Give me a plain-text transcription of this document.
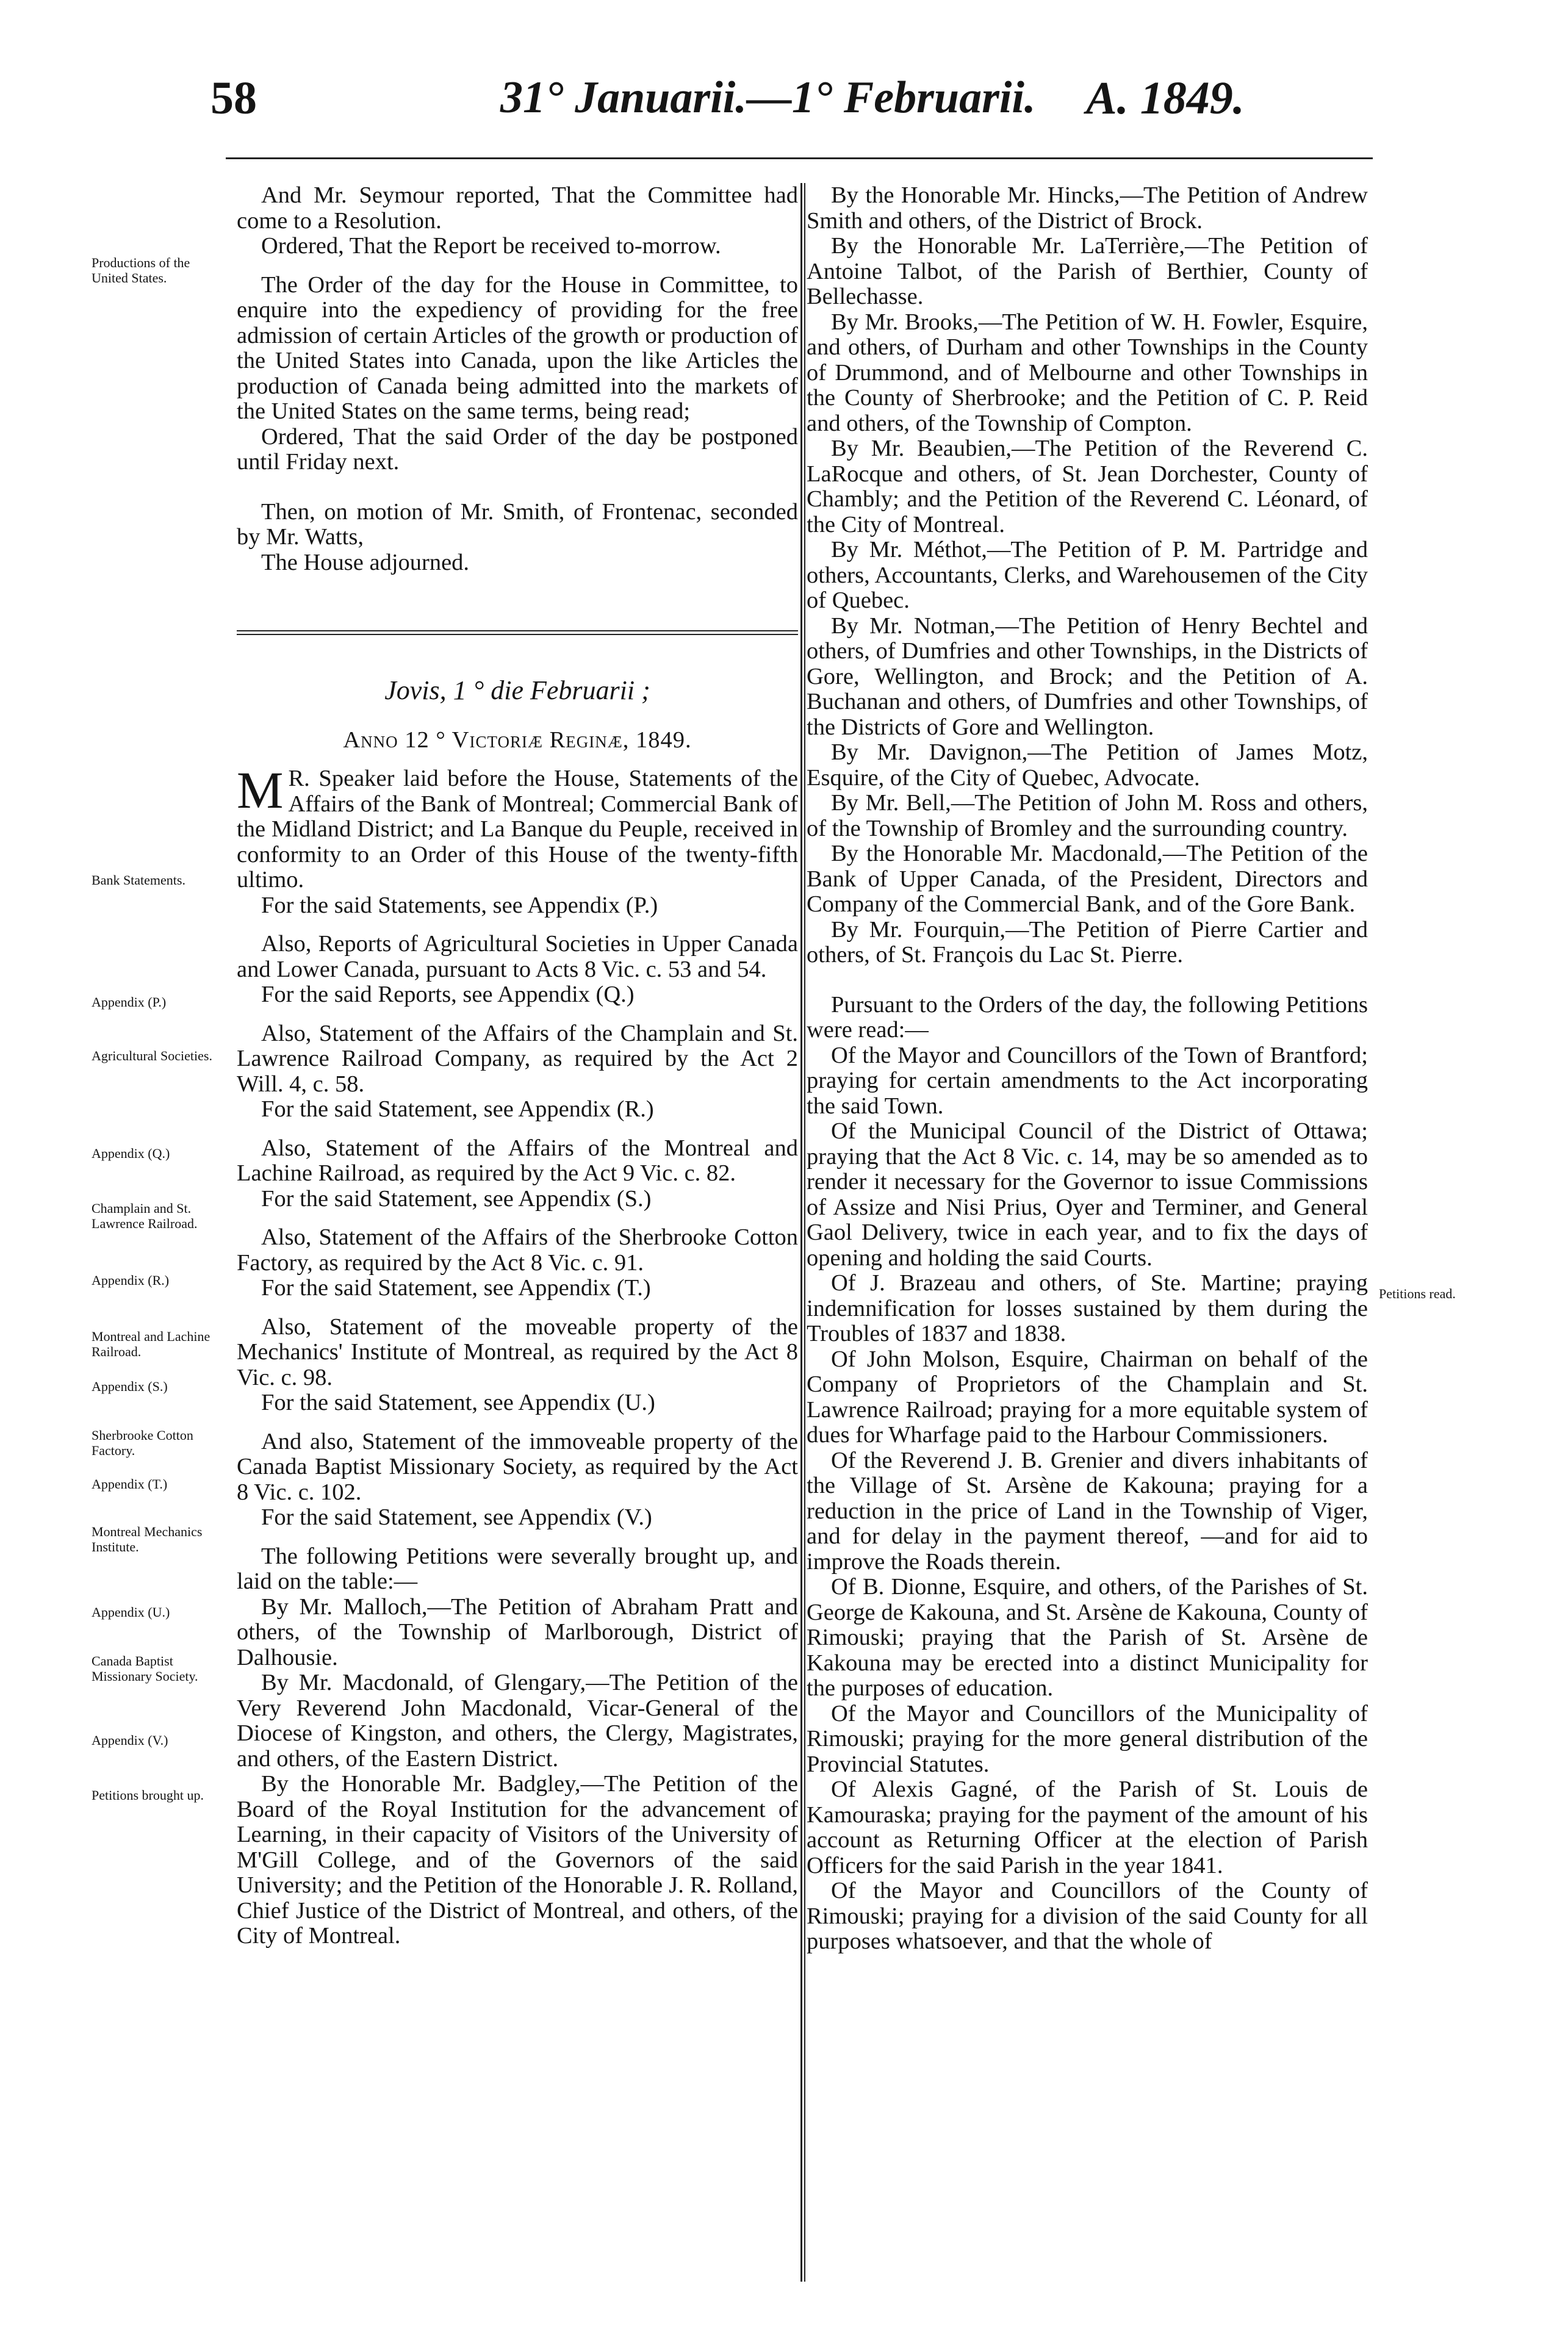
58	31° Januarii.—1° Februarii. A. 1849.
Productions of the United States.
Bank Statements.
Appendix (P.)
Agricultural Societies.
Appendix (Q.)
Champlain and St. Lawrence Railroad.
Appendix (R.)
Montreal and Lachine Railroad.
Appendix (S.)
Sherbrooke Cotton Factory.
Appendix (T.)
Montreal Mechanics Institute.
Appendix (U.)
Canada Baptist Missionary Society.
Appendix (V.)
Petitions brought up.
Petitions read.

And Mr. Seymour reported, That the Committee had come to a Resolution.

Ordered, That the Report be received to-morrow.

The Order of the day for the House in Committee, to enquire into the expediency of providing for the free admission of certain Articles of the growth or production of the United States into Canada, upon the like Articles the production of Canada being admitted into the markets of the United States on the same terms, being read;

Ordered, That the said Order of the day be postponed until Friday next.

Then, on motion of Mr. Smith, of Frontenac, seconded by Mr. Watts,

The House adjourned.

Jovis, 1 ° die Februarii ;

Anno 12 ° Victoriæ Reginæ, 1849.

M R. Speaker laid before the House, Statements of the Affairs of the Bank of Montreal; Commercial Bank of the Midland District; and La Banque du Peuple, received in conformity to an Order of this House of the twenty-fifth ultimo.

For the said Statements, see Appendix (P.)

Also, Reports of Agricultural Societies in Upper Canada and Lower Canada, pursuant to Acts 8 Vic. c. 53 and 54.

For the said Reports, see Appendix (Q.)

Also, Statement of the Affairs of the Champlain and St. Lawrence Railroad Company, as required by the Act 2 Will. 4, c. 58.

For the said Statement, see Appendix (R.)

Also, Statement of the Affairs of the Montreal and Lachine Railroad, as required by the Act 9 Vic. c. 82.

For the said Statement, see Appendix (S.)

Also, Statement of the Affairs of the Sherbrooke Cotton Factory, as required by the Act 8 Vic. c. 91.

For the said Statement, see Appendix (T.)

Also, Statement of the moveable property of the Mechanics' Institute of Montreal, as required by the Act 8 Vic. c. 98.

For the said Statement, see Appendix (U.)

And also, Statement of the immoveable property of the Canada Baptist Missionary Society, as required by the Act 8 Vic. c. 102.

For the said Statement, see Appendix (V.)

The following Petitions were severally brought up, and laid on the table:—

By Mr. Malloch,—The Petition of Abraham Pratt and others, of the Township of Marlborough, District of Dalhousie.

By Mr. Macdonald, of Glengary,—The Petition of the Very Reverend John Macdonald, Vicar-General of the Diocese of Kingston, and others, the Clergy, Magistrates, and others, of the Eastern District.

By the Honorable Mr. Badgley,—The Petition of the Board of the Royal Institution for the advancement of Learning, in their capacity of Visitors of the University of M'Gill College, and of the Governors of the said University; and the Petition of the Honorable J. R. Rolland, Chief Justice of the District of Montreal, and others, of the City of Montreal.

By the Honorable Mr. Hincks,—The Petition of Andrew Smith and others, of the District of Brock.

By the Honorable Mr. LaTerrière,—The Petition of Antoine Talbot, of the Parish of Berthier, County of Bellechasse.

By Mr. Brooks,—The Petition of W. H. Fowler, Esquire, and others, of Durham and other Townships in the County of Drummond, and of Melbourne and other Townships in the County of Sherbrooke; and the Petition of C. P. Reid and others, of the Township of Compton.

By Mr. Beaubien,—The Petition of the Reverend C. LaRocque and others, of St. Jean Dorchester, County of Chambly; and the Petition of the Reverend C. Léonard, of the City of Montreal.

By Mr. Méthot,—The Petition of P. M. Partridge and others, Accountants, Clerks, and Warehousemen of the City of Quebec.

By Mr. Notman,—The Petition of Henry Bechtel and others, of Dumfries and other Townships, in the Districts of Gore, Wellington, and Brock; and the Petition of A. Buchanan and others, of Dumfries and other Townships, of the Districts of Gore and Wellington.

By Mr. Davignon,—The Petition of James Motz, Esquire, of the City of Quebec, Advocate.

By Mr. Bell,—The Petition of John M. Ross and others, of the Township of Bromley and the surrounding country.

By the Honorable Mr. Macdonald,—The Petition of the Bank of Upper Canada, of the President, Directors and Company of the Commercial Bank, and of the Gore Bank.

By Mr. Fourquin,—The Petition of Pierre Cartier and others, of St. François du Lac St. Pierre.

Pursuant to the Orders of the day, the following Petitions were read:—

Of the Mayor and Councillors of the Town of Brantford; praying for certain amendments to the Act incorporating the said Town.

Of the Municipal Council of the District of Ottawa; praying that the Act 8 Vic. c. 14, may be so amended as to render it necessary for the Governor to issue Commissions of Assize and Nisi Prius, Oyer and Terminer, and General Gaol Delivery, twice in each year, and to fix the days of opening and holding the said Courts.

Of J. Brazeau and others, of Ste. Martine; praying indemnification for losses sustained by them during the Troubles of 1837 and 1838.

Of John Molson, Esquire, Chairman on behalf of the Company of Proprietors of the Champlain and St. Lawrence Railroad; praying for a more equitable system of dues for Wharfage paid to the Harbour Commissioners.

Of the Reverend J. B. Grenier and divers inhabitants of the Village of St. Arsène de Kakouna; praying for a reduction in the price of Land in the Township of Viger, and for delay in the payment thereof, —and for aid to improve the Roads therein.

Of B. Dionne, Esquire, and others, of the Parishes of St. George de Kakouna, and St. Arsène de Kakouna, County of Rimouski; praying that the Parish of St. Arsène de Kakouna may be erected into a distinct Municipality for the purposes of education.

Of the Mayor and Councillors of the Municipality of Rimouski; praying for the more general distribution of the Provincial Statutes.

Of Alexis Gagné, of the Parish of St. Louis de Kamouraska; praying for the payment of the amount of his account as Returning Officer at the election of Parish Officers for the said Parish in the year 1841.

Of the Mayor and Councillors of the County of Rimouski; praying for a division of the said County for all purposes whatsoever, and that the whole of
